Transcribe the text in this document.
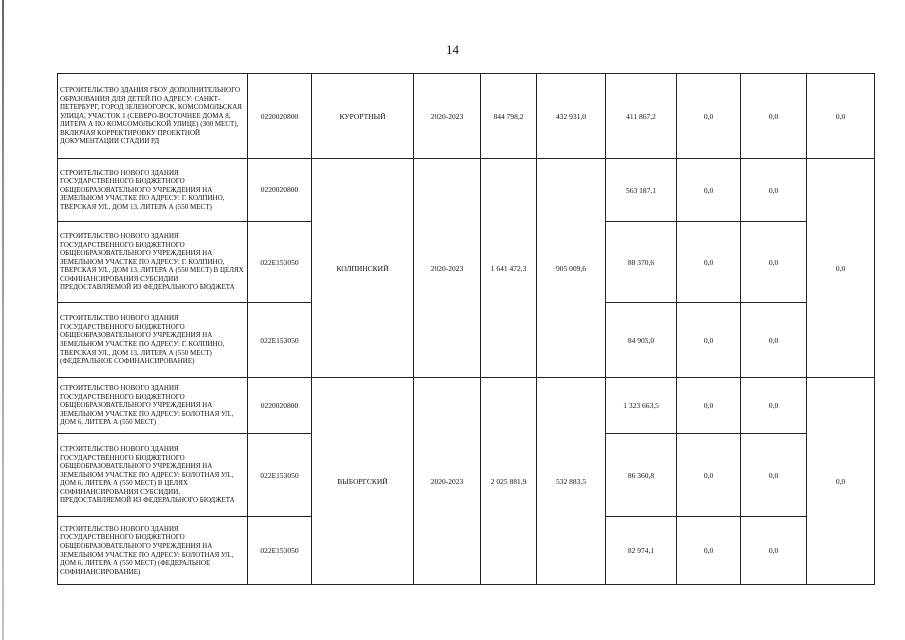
14
СТРОИТЕЛЬСТВО ЗДАНИЯ ГБОУ ДОПОЛНИТЕЛЬНОГО ОБРАЗОВАНИЯ ДЛЯ ДЕТЕЙ ПО АДРЕСУ: САНКТ-ПЕТЕРБУРГ, ГОРОД ЗЕЛЕНОГОРСК, КОМСОМОЛЬСКАЯ УЛИЦА, УЧАСТОК 1 (СЕВЕРО-ВОСТОЧНЕЕ ДОМА 8, ЛИТЕРА А ПО КОМСОМОЛЬСКОЙ УЛИЦЕ) (300 МЕСТ), ВКЛЮЧАЯ КОРРЕКТИРОВКУ ПРОЕКТНОЙ ДОКУМЕНТАЦИИ СТАДИИ РД	0220020800	КУРОРТНЫЙ	2020-2023	844 798,2	432 931,0	411 867,2	0,0	0,0	0,0
СТРОИТЕЛЬСТВО НОВОГО ЗДАНИЯ ГОСУДАРСТВЕННОГО БЮДЖЕТНОГО ОБЩЕОБРАЗОВАТЕЛЬНОГО УЧРЕЖДЕНИЯ НА ЗЕМЕЛЬНОМ УЧАСТКЕ ПО АДРЕСУ: Г. КОЛПИНО, ТВЕРСКАЯ УЛ., ДОМ 13, ЛИТЕРА А (550 МЕСТ)	0220020800	КОЛПИНСКИЙ	2020-2023	1 641 472,3	905 009,6	563 187,1	0,0	0,0	0,0
СТРОИТЕЛЬСТВО НОВОГО ЗДАНИЯ ГОСУДАРСТВЕННОГО БЮДЖЕТНОГО ОБЩЕОБРАЗОВАТЕЛЬНОГО УЧРЕЖДЕНИЯ НА ЗЕМЕЛЬНОМ УЧАСТКЕ ПО АДРЕСУ: Г. КОЛПИНО, ТВЕРСКАЯ УЛ., ДОМ 13, ЛИТЕРА А (550 МЕСТ) В ЦЕЛЯХ СОФИНАНСИРОВАНИЯ СУБСИДИИ ПРЕДОСТАВЛЯЕМОЙ ИЗ ФЕДЕРАЛЬНОГО БЮДЖЕТА	022E153050					88 370,6	0,0	0,0	
СТРОИТЕЛЬСТВО НОВОГО ЗДАНИЯ ГОСУДАРСТВЕННОГО БЮДЖЕТНОГО ОБЩЕОБРАЗОВАТЕЛЬНОГО УЧРЕЖДЕНИЯ НА ЗЕМЕЛЬНОМ УЧАСТКЕ ПО АДРЕСУ: Г. КОЛПИНО, ТВЕРСКАЯ УЛ., ДОМ 13, ЛИТЕРА А (550 МЕСТ) (ФЕДЕРАЛЬНОЕ СОФИНАНСИРОВАНИЕ)	022E153050					84 905,0	0,0	0,0	
СТРОИТЕЛЬСТВО НОВОГО ЗДАНИЯ ГОСУДАРСТВЕННОГО БЮДЖЕТНОГО ОБЩЕОБРАЗОВАТЕЛЬНОГО УЧРЕЖДЕНИЯ НА ЗЕМЕЛЬНОМ УЧАСТКЕ ПО АДРЕСУ: БОЛОТНАЯ УЛ., ДОМ 6, ЛИТЕРА А (550 МЕСТ)	0220020800	ВЫБОРГСКИЙ	2020-2023	2 025 881,9	532 883,5	1 323 663,5	0,0	0,0	0,0
СТРОИТЕЛЬСТВО НОВОГО ЗДАНИЯ ГОСУДАРСТВЕННОГО БЮДЖЕТНОГО ОБЩЕОБРАЗОВАТЕЛЬНОГО УЧРЕЖДЕНИЯ НА ЗЕМЕЛЬНОМ УЧАСТКЕ ПО АДРЕСУ: БОЛОТНАЯ УЛ., ДОМ 6, ЛИТЕРА А (550 МЕСТ) В ЦЕЛЯХ СОФИНАНСИРОВАНИЯ СУБСИДИИ, ПРЕДОСТАВЛЯЕМОЙ ИЗ ФЕДЕРАЛЬНОГО БЮДЖЕТА	022E153050					86 360,8	0,0	0,0	
СТРОИТЕЛЬСТВО НОВОГО ЗДАНИЯ ГОСУДАРСТВЕННОГО БЮДЖЕТНОГО ОБЩЕОБРАЗОВАТЕЛЬНОГО УЧРЕЖДЕНИЯ НА ЗЕМЕЛЬНОМ УЧАСТКЕ ПО АДРЕСУ: БОЛОТНАЯ УЛ., ДОМ 6, ЛИТЕРА А (550 МЕСТ) (ФЕДЕРАЛЬНОЕ СОФИНАНСИРОВАНИЕ)	022E153050					82 974,1	0,0	0,0	
